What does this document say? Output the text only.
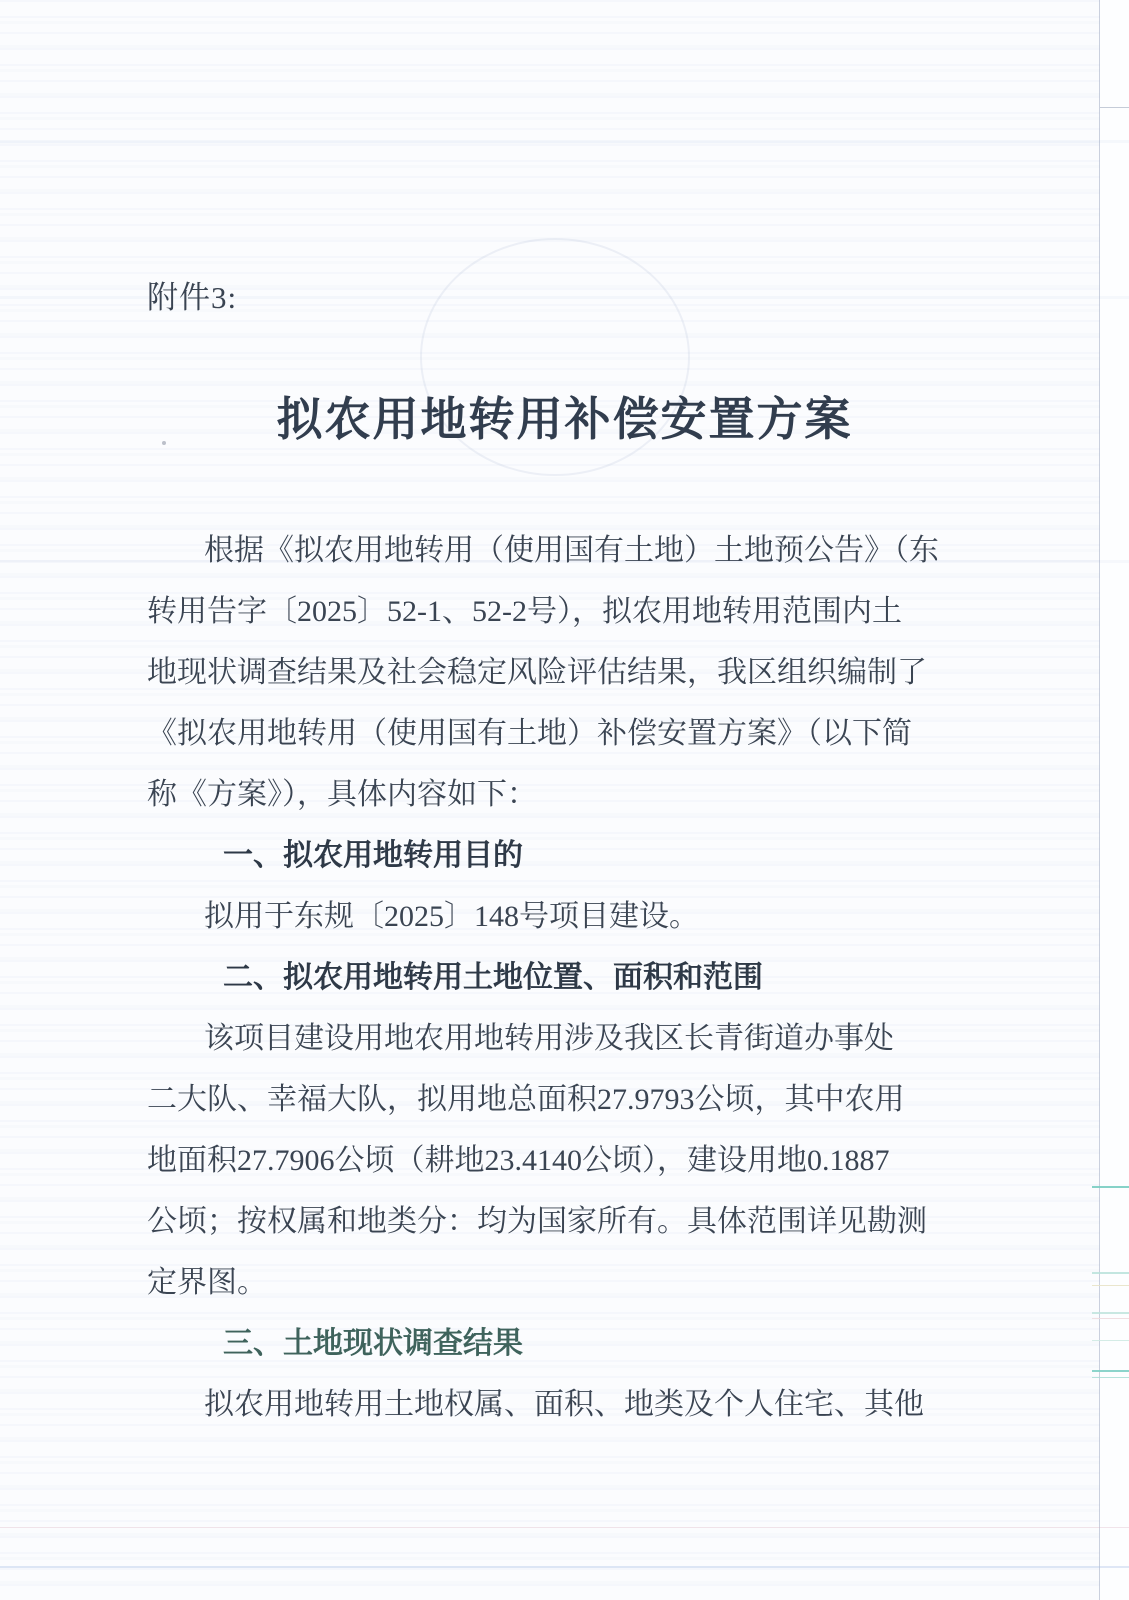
附件3:
拟农用地转用补偿安置方案
根据《拟农用地转用（使用国有土地）土地预公告》（东
转用告字〔2025〕52-1、52-2号），拟农用地转用范围内土
地现状调查结果及社会稳定风险评估结果，我区组织编制了
《拟农用地转用（使用国有土地）补偿安置方案》（以下简
称《方案》），具体内容如下：
一、拟农用地转用目的
拟用于东规〔2025〕148号项目建设。
二、拟农用地转用土地位置、面积和范围
该项目建设用地农用地转用涉及我区长青街道办事处
二大队、幸福大队，拟用地总面积27.9793公顷，其中农用
地面积27.7906公顷（耕地23.4140公顷），建设用地0.1887
公顷；按权属和地类分：均为国家所有。具体范围详见勘测
定界图。
三、土地现状调查结果
拟农用地转用土地权属、面积、地类及个人住宅、其他
